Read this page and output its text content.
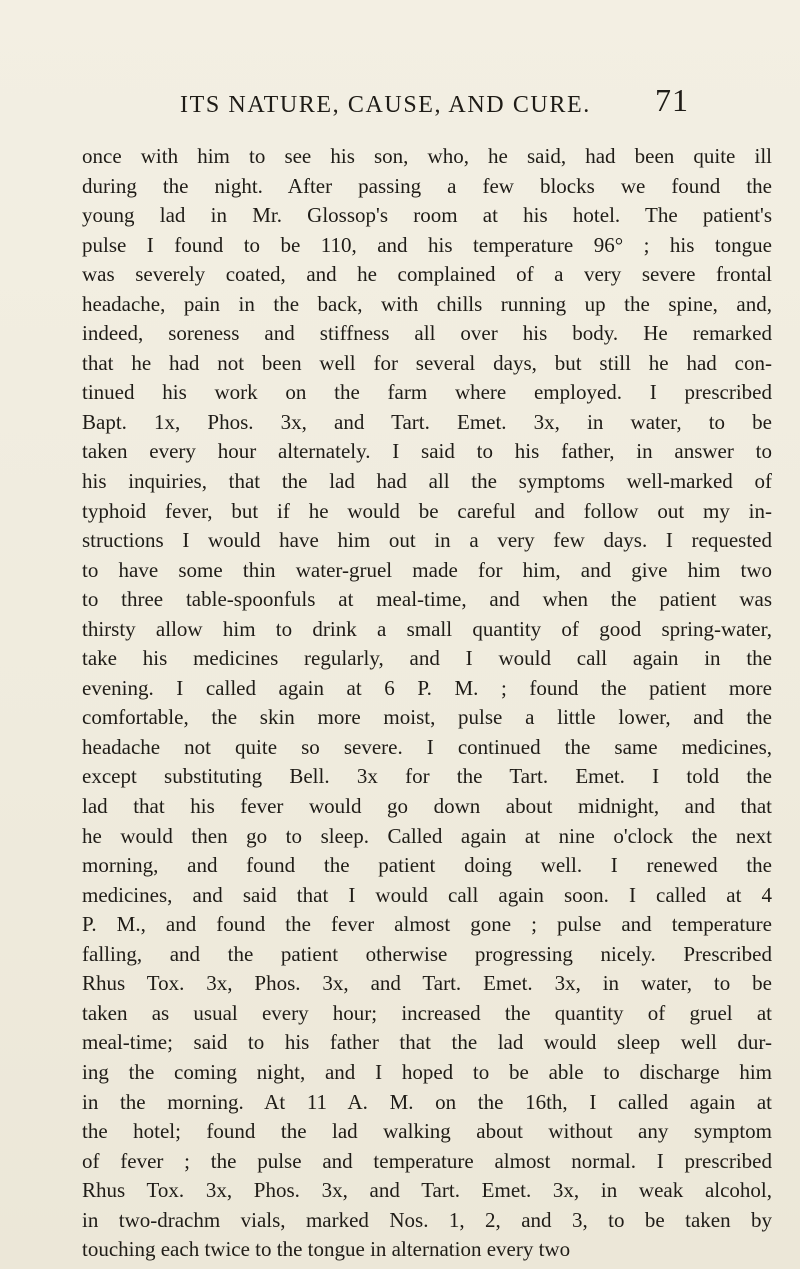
ITS NATURE, CAUSE, AND CURE. 71
once with him to see his son, who, he said, had been quite ill
during the night. After passing a few blocks we found the
young lad in Mr. Glossop's room at his hotel. The patient's
pulse I found to be 110, and his temperature 96° ; his tongue
was severely coated, and he complained of a very severe frontal
headache, pain in the back, with chills running up the spine, and,
indeed, soreness and stiffness all over his body. He remarked
that he had not been well for several days, but still he had con-
tinued his work on the farm where employed. I prescribed
Bapt. 1x, Phos. 3x, and Tart. Emet. 3x, in water, to be
taken every hour alternately. I said to his father, in answer to
his inquiries, that the lad had all the symptoms well-marked of
typhoid fever, but if he would be careful and follow out my in-
structions I would have him out in a very few days. I requested
to have some thin water-gruel made for him, and give him two
to three table-spoonfuls at meal-time, and when the patient was
thirsty allow him to drink a small quantity of good spring-water,
take his medicines regularly, and I would call again in the
evening. I called again at 6 P. M. ; found the patient more
comfortable, the skin more moist, pulse a little lower, and the
headache not quite so severe. I continued the same medicines,
except substituting Bell. 3x for the Tart. Emet. I told the
lad that his fever would go down about midnight, and that
he would then go to sleep. Called again at nine o'clock the next
morning, and found the patient doing well. I renewed the
medicines, and said that I would call again soon. I called at 4
P. M., and found the fever almost gone ; pulse and temperature
falling, and the patient otherwise progressing nicely. Prescribed
Rhus Tox. 3x, Phos. 3x, and Tart. Emet. 3x, in water, to be
taken as usual every hour; increased the quantity of gruel at
meal-time; said to his father that the lad would sleep well dur-
ing the coming night, and I hoped to be able to discharge him
in the morning. At 11 A. M. on the 16th, I called again at
the hotel; found the lad walking about without any symptom
of fever ; the pulse and temperature almost normal. I prescribed
Rhus Tox. 3x, Phos. 3x, and Tart. Emet. 3x, in weak alcohol,
in two-drachm vials, marked Nos. 1, 2, and 3, to be taken by
touching each twice to the tongue in alternation every two
